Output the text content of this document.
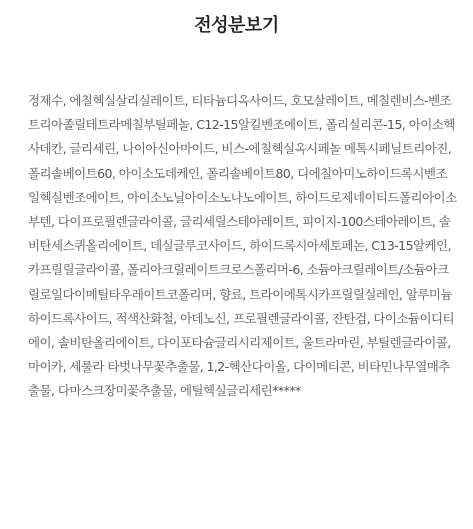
전성분보기
정제수, 에칠헥실살리실레이트, 티타늄디옥사이드, 호모살레이트, 메칠렌비스-벤조트리아졸릴테트라메칠부틸페놀, C12-15알킬벤조에이트, 폴리실리콘-15, 아이소헥사데칸, 글리세린, 나이아신아마이드, 비스-에칠헥실옥시페놀 메톡시페닐트리아진, 폴리솔베이트60, 아이소도데케인, 폴리솔베이트80, 디에칠아미노하이드록시벤조일헥실벤조에이트, 아이소노닐아이소노나노에이트, 하이드로제네이티드폴리아이소부텐, 다이프로필렌글라이콜, 글리세릴스테아레이트, 피이지-100스테아레이트, 솔비탄세스퀴올리에이트, 데실글루코사이드, 하이드록시아세토페논, C13-15알케인, 카프릴릴글라이콜, 폴리아크릴레이트크로스폴리머-6, 소듐아크릴레이트/소듐아크릴로일다이메틸타우레이트코폴리머, 향료, 트라이에톡시카프릴릴실레인, 알루미늄하이드록사이드, 적색산화철, 아데노신, 프로필렌글라이콜, 잔탄검, 다이소듐이디티에이, 솔비탄올리에이트, 다이포타슘글리시리제이트, 울트라마린, 부틸렌글라이콜, 마이카, 세룰라 타벗나무꽃추출물, 1,2-헥산다이올, 다이메티콘, 비타민나무열매추출물, 다마스크장미꽃추출물, 에틸헥실글리세린*****
